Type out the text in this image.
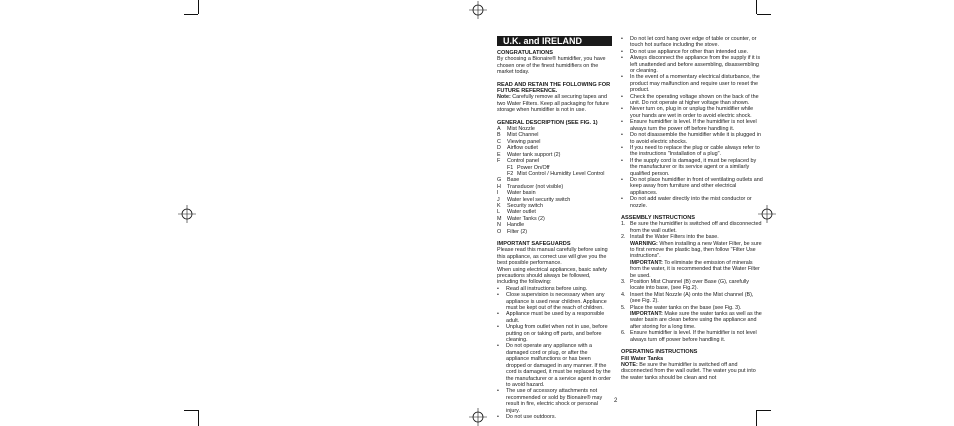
U.K. and IRELAND
CONGRATULATIONS

By choosing a Bionaire® humidifier, you have chosen one of the finest humidifiers on the market today.

READ AND RETAIN THE FOLLOWING FOR FUTURE REFERENCE.

Note: Carefully remove all securing tapes and two Water Filters. Keep all packaging for future storage when humidifier is not in use.

GENERAL DESCRIPTION (SEE FIG. 1)
A	Mist Nozzle
B	Mist Channel
C	Viewing panel
D	Airflow outlet
E	Water tank support (2)
F	Control panel
F1 Power On/Off
F2 Mist Control / Humidity Level Control
G	Base
H	Transducer (not visible)
I	Water basin
J	Water level security switch
K	Security switch
L	Water outlet
M	Water Tanks (2)
N	Handle
O	Filter (2)
IMPORTANT SAFEGUARDS

Please read this manual carefully before using this appliance, as correct use will give you the best possible performance.

When using electrical appliances, basic safety precautions should always be followed, including the following:

•	Read all instructions before using.
•	Close supervision is necessary when any appliance is used near children. Appliance must be kept out of the reach of children.
•	Appliance must be used by a responsible adult.
•	Unplug from outlet when not in use, before putting on or taking off parts, and before cleaning.
•	Do not operate any appliance with a damaged cord or plug, or after the appliance malfunctions or has been dropped or damaged in any manner. If the cord is damaged, it must be replaced by the the manufacturer or a service agent in order to avoid hazard.
•	The use of accessory attachments not recommended or sold by Bionaire® may result in fire, electric shock or personal injury.
•	Do not use outdoors.
•	Do not let cord hang over edge of table or counter, or touch hot surface including the stove.
•	Do not use appliance for other than intended use.
•	Always disconnect the appliance from the supply if it is left unattended and before assembling, disassembling or cleaning.
•	In the event of a momentary electrical disturbance, the product may malfunction and require user to reset the product.
•	Check the operating voltage shown on the back of the unit. Do not operate at higher voltage than shown.
•	Never turn on, plug in or unplug the humidifier while your hands are wet in order to avoid electric shock.
•	Ensure humidifier is level. If the humidifier is not level always turn the power off before handling it.
•	Do not disassemble the humidifier while it is plugged in to avoid electric shocks.
•	If you need to replace the plug or cable always refer to the instructions "Installation of a plug".
•	If the supply cord is damaged, it must be replaced by the manufacturer or its service agent or a similarly qualified person.
•	Do not place humidifier in front of ventilating outlets and keep away from furniture and other electrical appliances.
•	Do not add water directly into the mist conductor or nozzle.
ASSEMBLY INSTRUCTIONS
1. Be sure the humidifier is switched off and disconnected from the wall outlet.
2. Install the Water Filters into the base.
WARNING: When installing a new Water Filter, be sure to first remove the plastic bag, then follow "Filter Use instructions".
IMPORTANT: To eliminate the emission of minerals from the water, it is recommended that the Water Filter be used.
3. Position Mist Channel (B) over Base (G), carefully locate into base, (see Fig.2).
4. Insert the Mist Nozzle (A) onto the Mist channel (B), (see Fig. 2).
5. Place the water tanks on the base (see Fig. 3).
IMPORTANT: Make sure the water tanks as well as the water basin are clean before using the appliance and after storing for a long time.
6. Ensure humidifier is level. If the humidifier is not level always turn off power before handling it.
OPERATING INSTRUCTIONS
Fill Water Tanks

NOTE: Be sure the humidifier is switched off and disconnected from the wall outlet. The water you put into the water tanks should be clean and not

2
